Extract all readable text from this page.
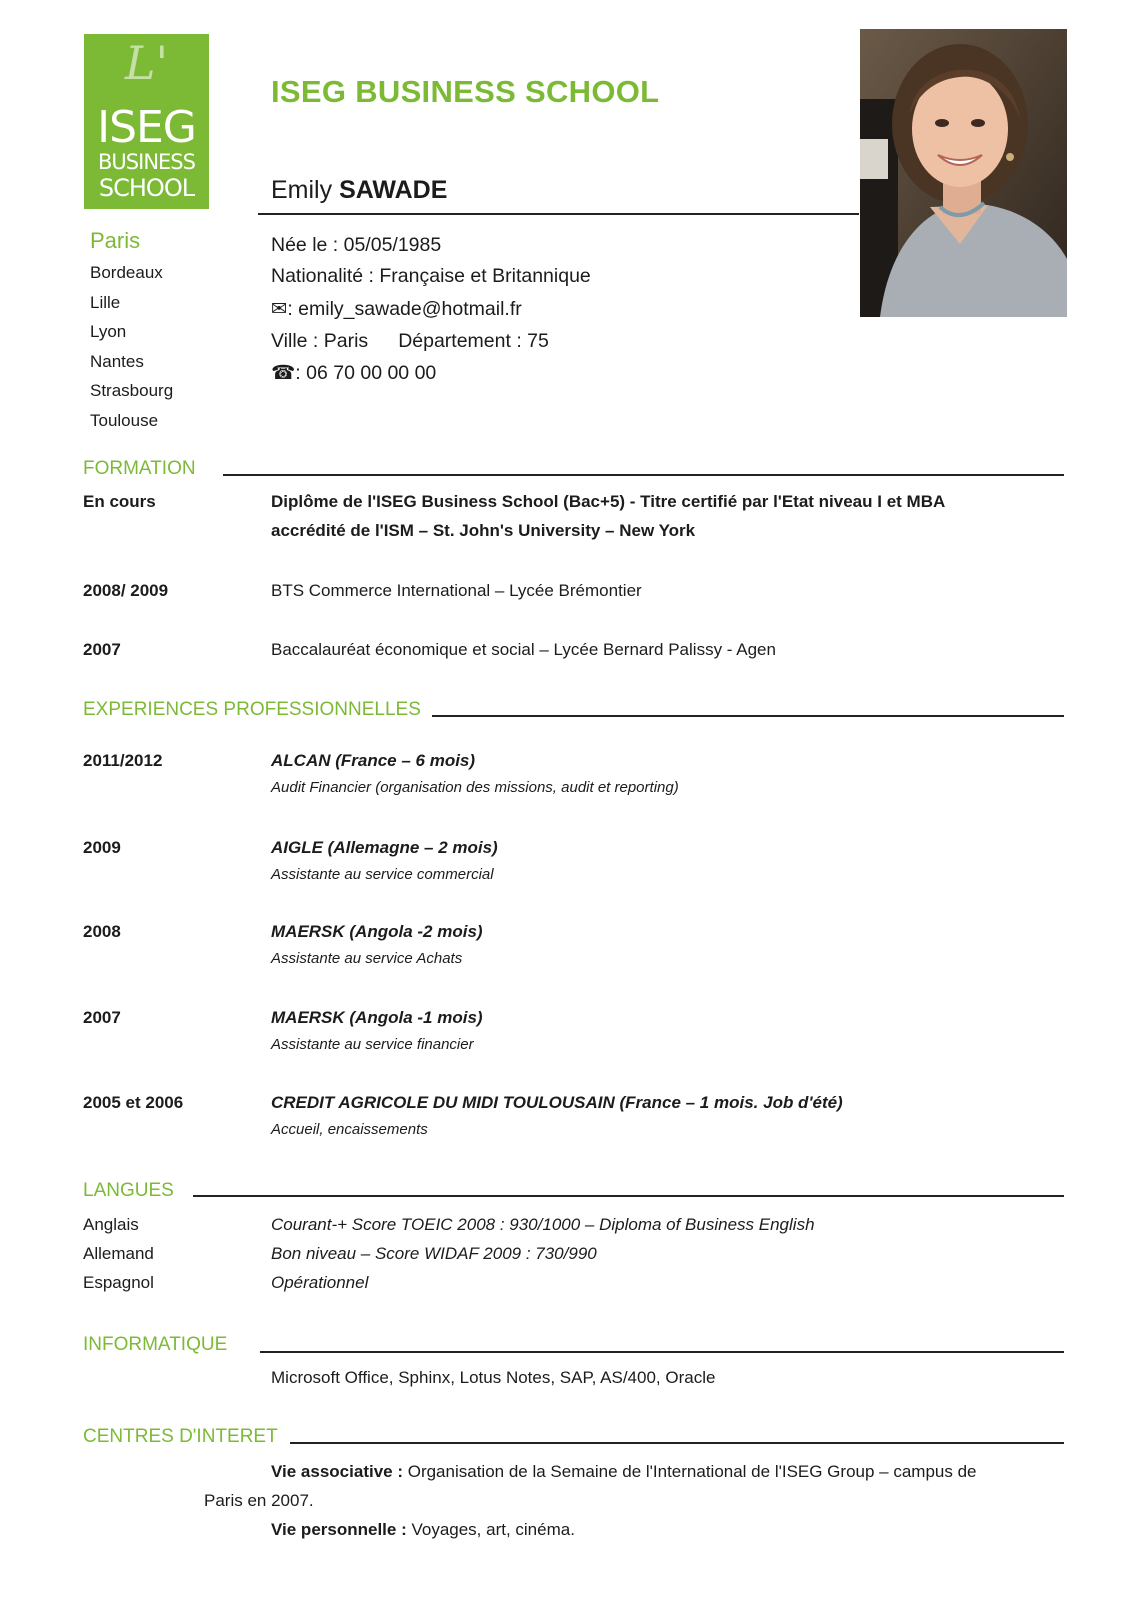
L'
ISEG
BUSINESS
SCHOOL
ISEG BUSINESS SCHOOL
Emily SAWADE
Paris
Bordeaux
Lille
Lyon
Nantes
Strasbourg
Toulouse
Née le : 05/05/1985
Nationalité : Française et Britannique
✉: emily_sawade@hotmail.fr
Ville : Paris Département : 75
☎: 06 70 00 00 00
FORMATION
En cours	Diplôme de l'ISEG Business School (Bac+5) - Titre certifié par l'Etat niveau I et MBA
accrédité de l'ISM – St. John's University – New York
2008/ 2009	BTS Commerce International – Lycée Brémontier
2007	Baccalauréat économique et social – Lycée Bernard Palissy - Agen
EXPERIENCES PROFESSIONNELLES
2011/2012	ALCAN (France – 6 mois)
Audit Financier (organisation des missions, audit et reporting)
2009	AIGLE (Allemagne – 2 mois)
Assistante au service commercial
2008	MAERSK (Angola -2 mois)
Assistante au service Achats
2007	MAERSK (Angola -1 mois)
Assistante au service financier
2005 et 2006	CREDIT AGRICOLE DU MIDI TOULOUSAIN (France – 1 mois. Job d'été)
Accueil, encaissements
LANGUES
Anglais	Courant-+ Score TOEIC 2008 : 930/1000 – Diploma of Business English
Allemand	Bon niveau – Score WIDAF 2009 : 730/990
Espagnol	Opérationnel
INFORMATIQUE
Microsoft Office, Sphinx, Lotus Notes, SAP, AS/400, Oracle
CENTRES D'INTERET
Vie associative : Organisation de la Semaine de l'International de l'ISEG Group – campus de
Paris en 2007.
Vie personnelle : Voyages, art, cinéma.
